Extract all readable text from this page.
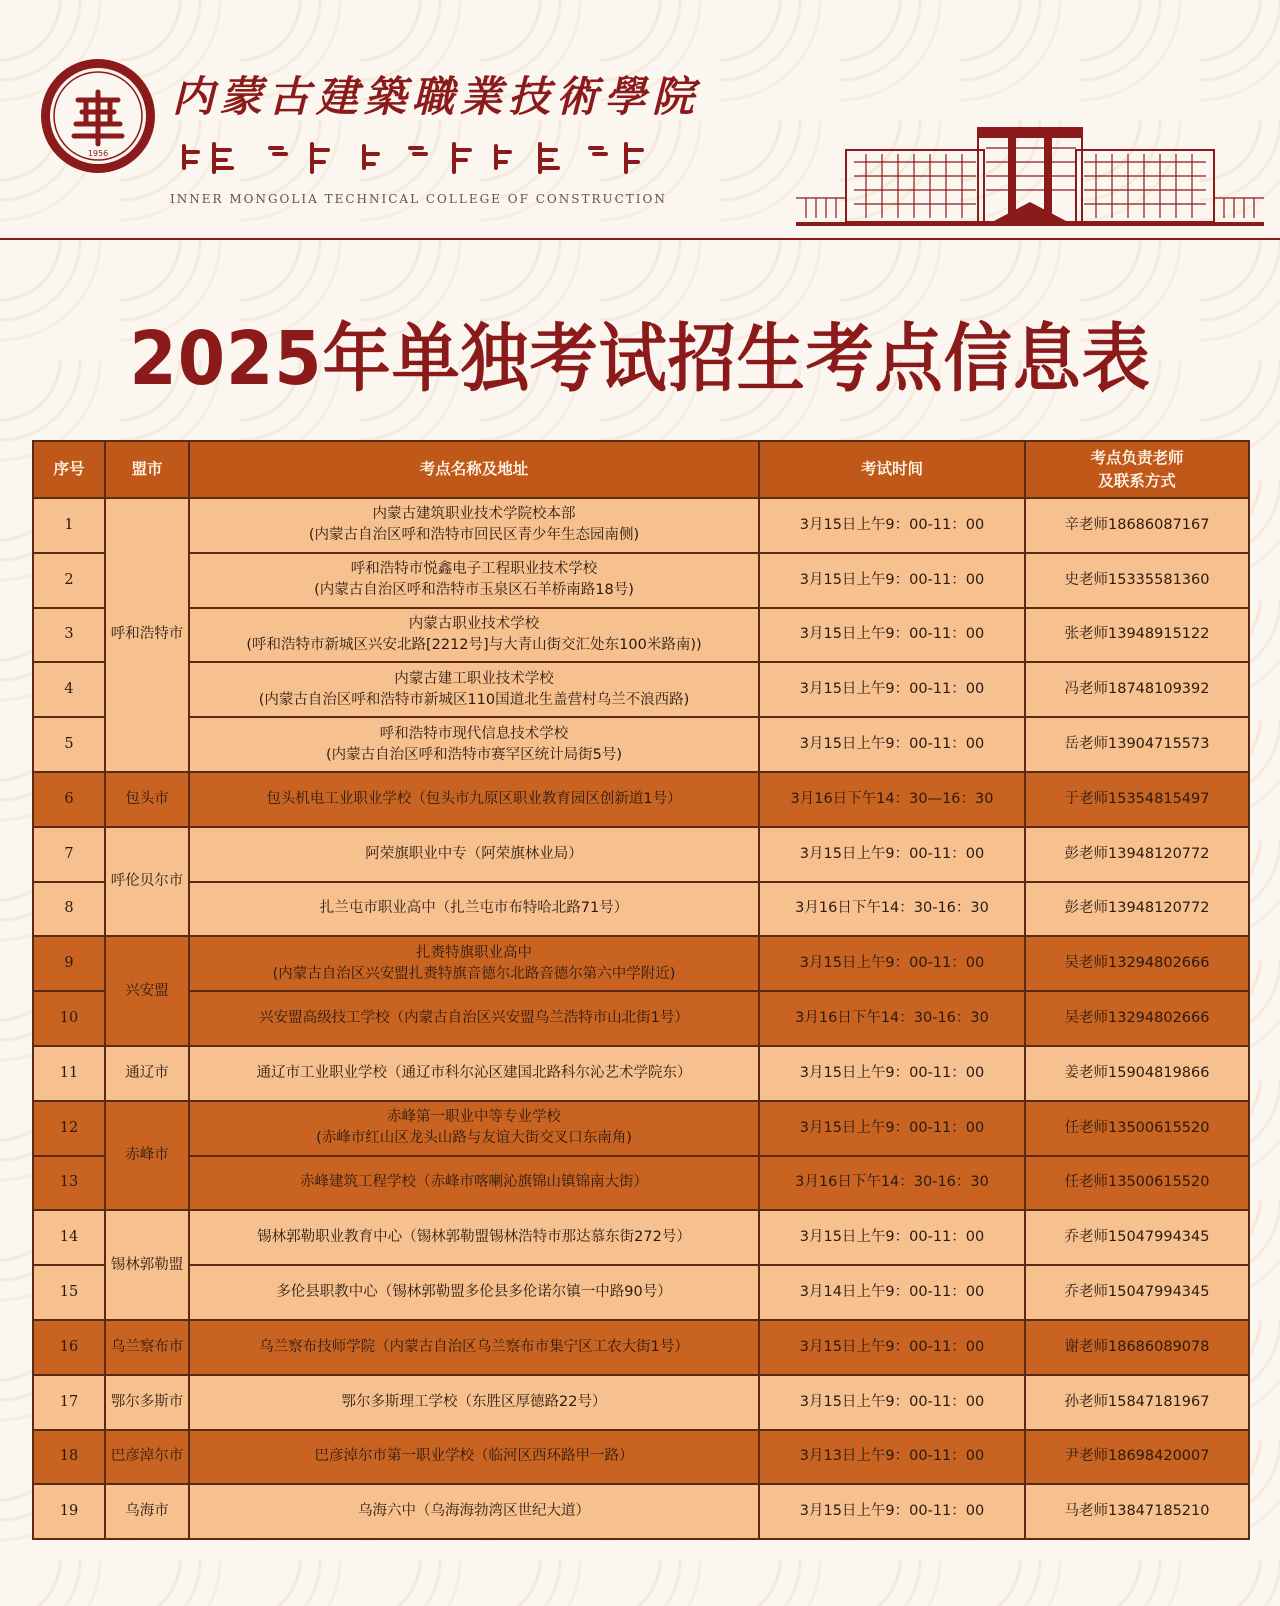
1956
内蒙古建築職業技術學院
INNER MONGOLIA TECHNICAL COLLEGE OF CONSTRUCTION
2025年单独考试招生考点信息表
序号	盟市	考点名称及地址	考试时间	考点负责老师
及联系方式

1	呼和浩特市	内蒙古建筑职业技术学院校本部
(内蒙古自治区呼和浩特市回民区青少年生态园南侧)	3月15日上午9：00-11：00	辛老师18686087167
2		呼和浩特市悦鑫电子工程职业技术学校
(内蒙古自治区呼和浩特市玉泉区石羊桥南路18号)	3月15日上午9：00-11：00	史老师15335581360
3		内蒙古职业技术学校
(呼和浩特市新城区兴安北路[2212号]与大青山街交汇处东100米路南))	3月15日上午9：00-11：00	张老师13948915122
4		内蒙古建工职业技术学校
(内蒙古自治区呼和浩特市新城区110国道北生盖营村乌兰不浪西路)	3月15日上午9：00-11：00	冯老师18748109392
5		呼和浩特市现代信息技术学校
(内蒙古自治区呼和浩特市赛罕区统计局街5号)	3月15日上午9：00-11：00	岳老师13904715573
6	包头市	包头机电工业职业学校（包头市九原区职业教育园区创新道1号）	3月16日下午14：30—16：30	于老师15354815497
7	呼伦贝尔市	阿荣旗职业中专（阿荣旗林业局）	3月15日上午9：00-11：00	彭老师13948120772
8		扎兰屯市职业高中（扎兰屯市布特哈北路71号）	3月16日下午14：30-16：30	彭老师13948120772
9	兴安盟	扎赉特旗职业高中
(内蒙古自治区兴安盟扎赉特旗音德尔北路音德尔第六中学附近)	3月15日上午9：00-11：00	吴老师13294802666
10		兴安盟高级技工学校（内蒙古自治区兴安盟乌兰浩特市山北街1号）	3月16日下午14：30-16：30	吴老师13294802666
11	通辽市	通辽市工业职业学校（通辽市科尔沁区建国北路科尔沁艺术学院东）	3月15日上午9：00-11：00	姜老师15904819866
12	赤峰市	赤峰第一职业中等专业学校
(赤峰市红山区龙头山路与友谊大街交叉口东南角)	3月15日上午9：00-11：00	任老师13500615520
13		赤峰建筑工程学校（赤峰市喀喇沁旗锦山镇锦南大街）	3月16日下午14：30-16：30	任老师13500615520
14	锡林郭勒盟	锡林郭勒职业教育中心（锡林郭勒盟锡林浩特市那达慕东街272号）	3月15日上午9：00-11：00	乔老师15047994345
15		多伦县职教中心（锡林郭勒盟多伦县多伦诺尔镇一中路90号）	3月14日上午9：00-11：00	乔老师15047994345
16	乌兰察布市	乌兰察布技师学院（内蒙古自治区乌兰察布市集宁区工农大街1号）	3月15日上午9：00-11：00	谢老师18686089078
17	鄂尔多斯市	鄂尔多斯理工学校（东胜区厚德路22号）	3月15日上午9：00-11：00	孙老师15847181967
18	巴彦淖尔市	巴彦淖尔市第一职业学校（临河区西环路甲一路）	3月13日上午9：00-11：00	尹老师18698420007
19	乌海市	乌海六中（乌海海勃湾区世纪大道）	3月15日上午9：00-11：00	马老师13847185210
